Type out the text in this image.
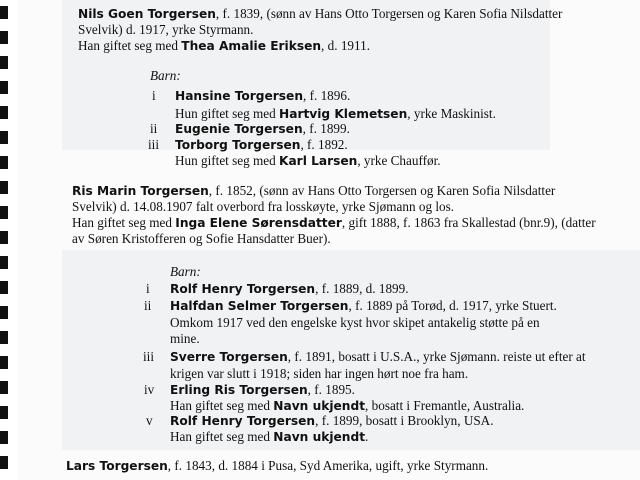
Nils Goen Torgersen, f. 1839, (sønn av Hans Otto Torgersen og Karen Sofia Nilsdatter
Svelvik) d. 1917, yrke Styrmann.
Han giftet seg med Thea Amalie Eriksen, d. 1911.
Barn:
i Hansine Torgersen, f. 1896.
Hun giftet seg med Hartvig Klemetsen, yrke Maskinist.
ii Eugenie Torgersen, f. 1899.
iii Torborg Torgersen, f. 1892.
Hun giftet seg med Karl Larsen, yrke Chauffør.
Ris Marin Torgersen, f. 1852, (sønn av Hans Otto Torgersen og Karen Sofia Nilsdatter
Svelvik) d. 14.08.1907 falt overbord fra losskøyte, yrke Sjømann og los.
Han giftet seg med Inga Elene Sørensdatter, gift 1888, f. 1863 fra Skallestad (bnr.9), (datter
av Søren Kristofferen og Sofie Hansdatter Buer).
Barn:
i Rolf Henry Torgersen, f. 1889, d. 1899.
ii Halfdan Selmer Torgersen, f. 1889 på Torød, d. 1917, yrke Stuert.
Omkom 1917 ved den engelske kyst hvor skipet antakelig støtte på en
mine.
iii Sverre Torgersen, f. 1891, bosatt i U.S.A., yrke Sjømann. reiste ut efter at
krigen var slutt i 1918; siden har ingen hørt noe fra ham.
iv Erling Ris Torgersen, f. 1895.
Han giftet seg med Navn ukjendt, bosatt i Fremantle, Australia.
v Rolf Henry Torgersen, f. 1899, bosatt i Brooklyn, USA.
Han giftet seg med Navn ukjendt.
Lars Torgersen, f. 1843, d. 1884 i Pusa, Syd Amerika, ugift, yrke Styrmann.
